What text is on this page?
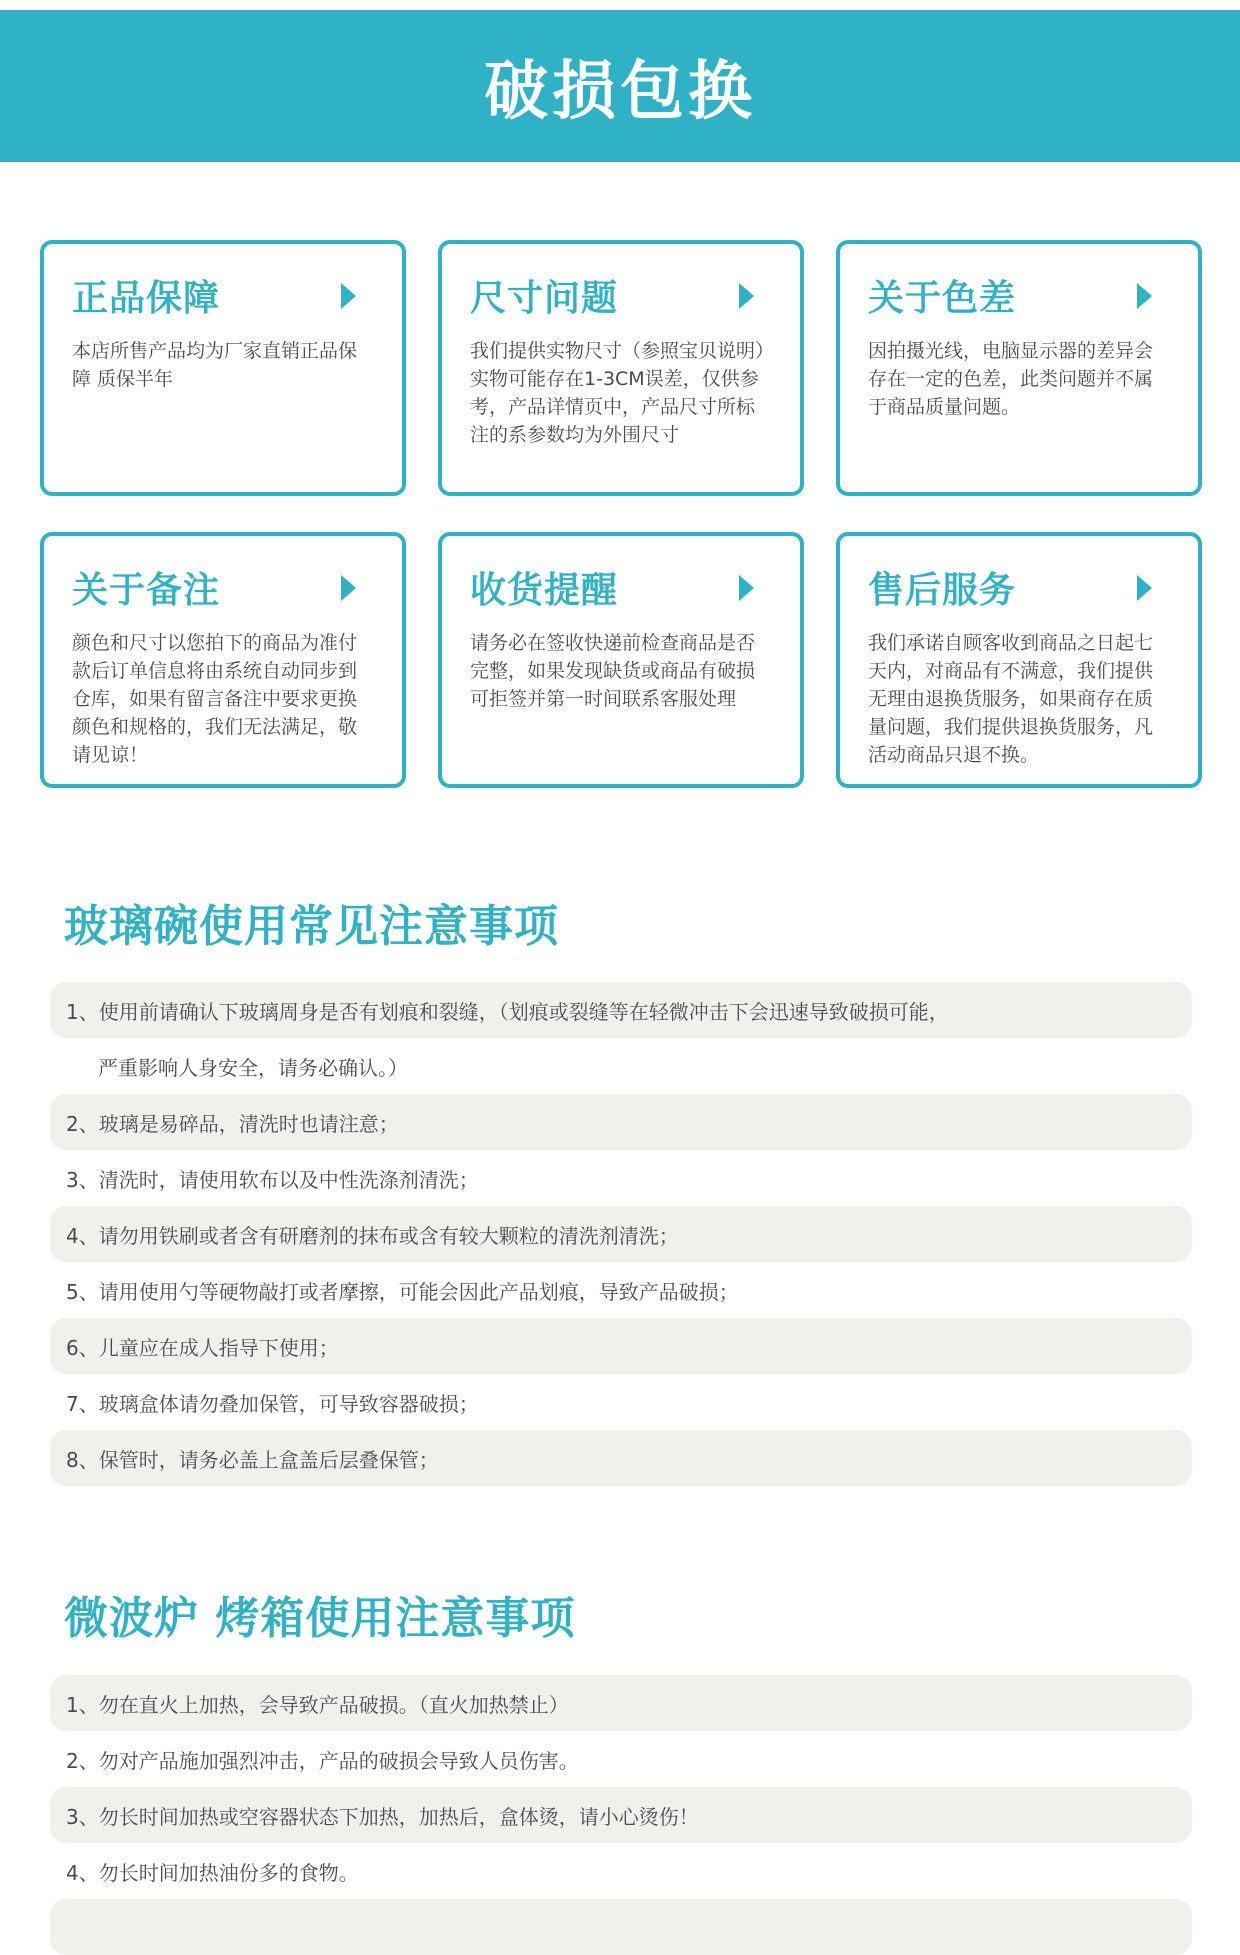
破损包换
正品保障
本店所售产品均为厂家直销正品保障 质保半年
尺寸问题
我们提供实物尺寸（参照宝贝说明）实物可能存在1-3CM误差，仅供参考，产品详情页中，产品尺寸所标注的系参数均为外围尺寸
关于色差
因拍摄光线，电脑显示器的差异会存在一定的色差，此类问题并不属于商品质量问题。
关于备注
颜色和尺寸以您拍下的商品为准付款后订单信息将由系统自动同步到仓库，如果有留言备注中要求更换颜色和规格的，我们无法满足，敬请见谅！
收货提醒
请务必在签收快递前检查商品是否完整，如果发现缺货或商品有破损可拒签并第一时间联系客服处理
售后服务
我们承诺自顾客收到商品之日起七天内，对商品有不满意，我们提供无理由退换货服务，如果商存在质量问题，我们提供退换货服务，凡活动商品只退不换。
玻璃碗使用常见注意事项
1、使用前请确认下玻璃周身是否有划痕和裂缝，（划痕或裂缝等在轻微冲击下会迅速导致破损可能，
严重影响人身安全，请务必确认。）
2、玻璃是易碎品，清洗时也请注意；
3、清洗时，请使用软布以及中性洗涤剂清洗；
4、请勿用铁刷或者含有研磨剂的抹布或含有较大颗粒的清洗剂清洗；
5、请用使用勺等硬物敲打或者摩擦，可能会因此产品划痕，导致产品破损；
6、儿童应在成人指导下使用；
7、玻璃盒体请勿叠加保管，可导致容器破损；
8、保管时，请务必盖上盒盖后层叠保管；
微波炉 烤箱使用注意事项
1、勿在直火上加热，会导致产品破损。（直火加热禁止）
2、勿对产品施加强烈冲击，产品的破损会导致人员伤害。
3、勿长时间加热或空容器状态下加热，加热后，盒体烫，请小心烫伤！
4、勿长时间加热油份多的食物。
